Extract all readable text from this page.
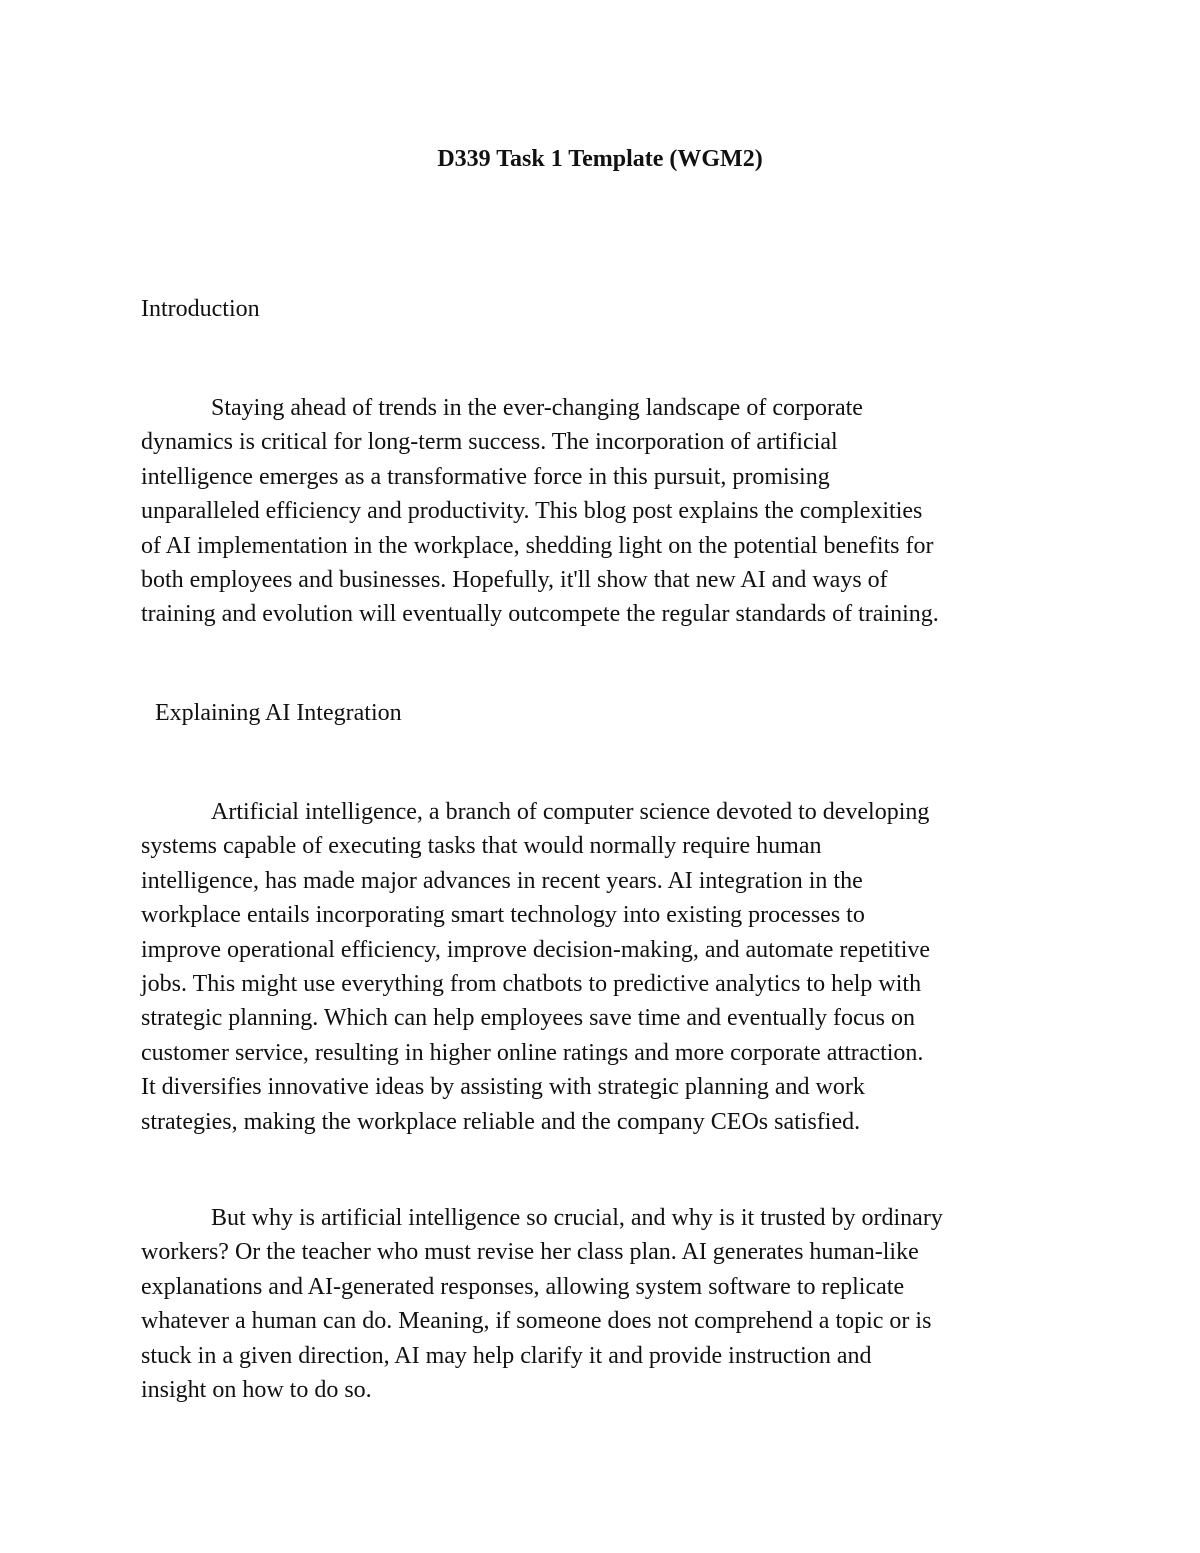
D339 Task 1 Template (WGM2)
Introduction

Staying ahead of trends in the ever-changing landscape of corporate
dynamics is critical for long-term success. The incorporation of artificial
intelligence emerges as a transformative force in this pursuit, promising
unparalleled efficiency and productivity. This blog post explains the complexities
of AI implementation in the workplace, shedding light on the potential benefits for
both employees and businesses. Hopefully, it'll show that new AI and ways of
training and evolution will eventually outcompete the regular standards of training.

Explaining AI Integration

Artificial intelligence, a branch of computer science devoted to developing
systems capable of executing tasks that would normally require human
intelligence, has made major advances in recent years. AI integration in the
workplace entails incorporating smart technology into existing processes to
improve operational efficiency, improve decision-making, and automate repetitive
jobs. This might use everything from chatbots to predictive analytics to help with
strategic planning. Which can help employees save time and eventually focus on
customer service, resulting in higher online ratings and more corporate attraction.
It diversifies innovative ideas by assisting with strategic planning and work
strategies, making the workplace reliable and the company CEOs satisfied.

But why is artificial intelligence so crucial, and why is it trusted by ordinary
workers? Or the teacher who must revise her class plan. AI generates human-like
explanations and AI-generated responses, allowing system software to replicate
whatever a human can do. Meaning, if someone does not comprehend a topic or is
stuck in a given direction, AI may help clarify it and provide instruction and
insight on how to do so.
